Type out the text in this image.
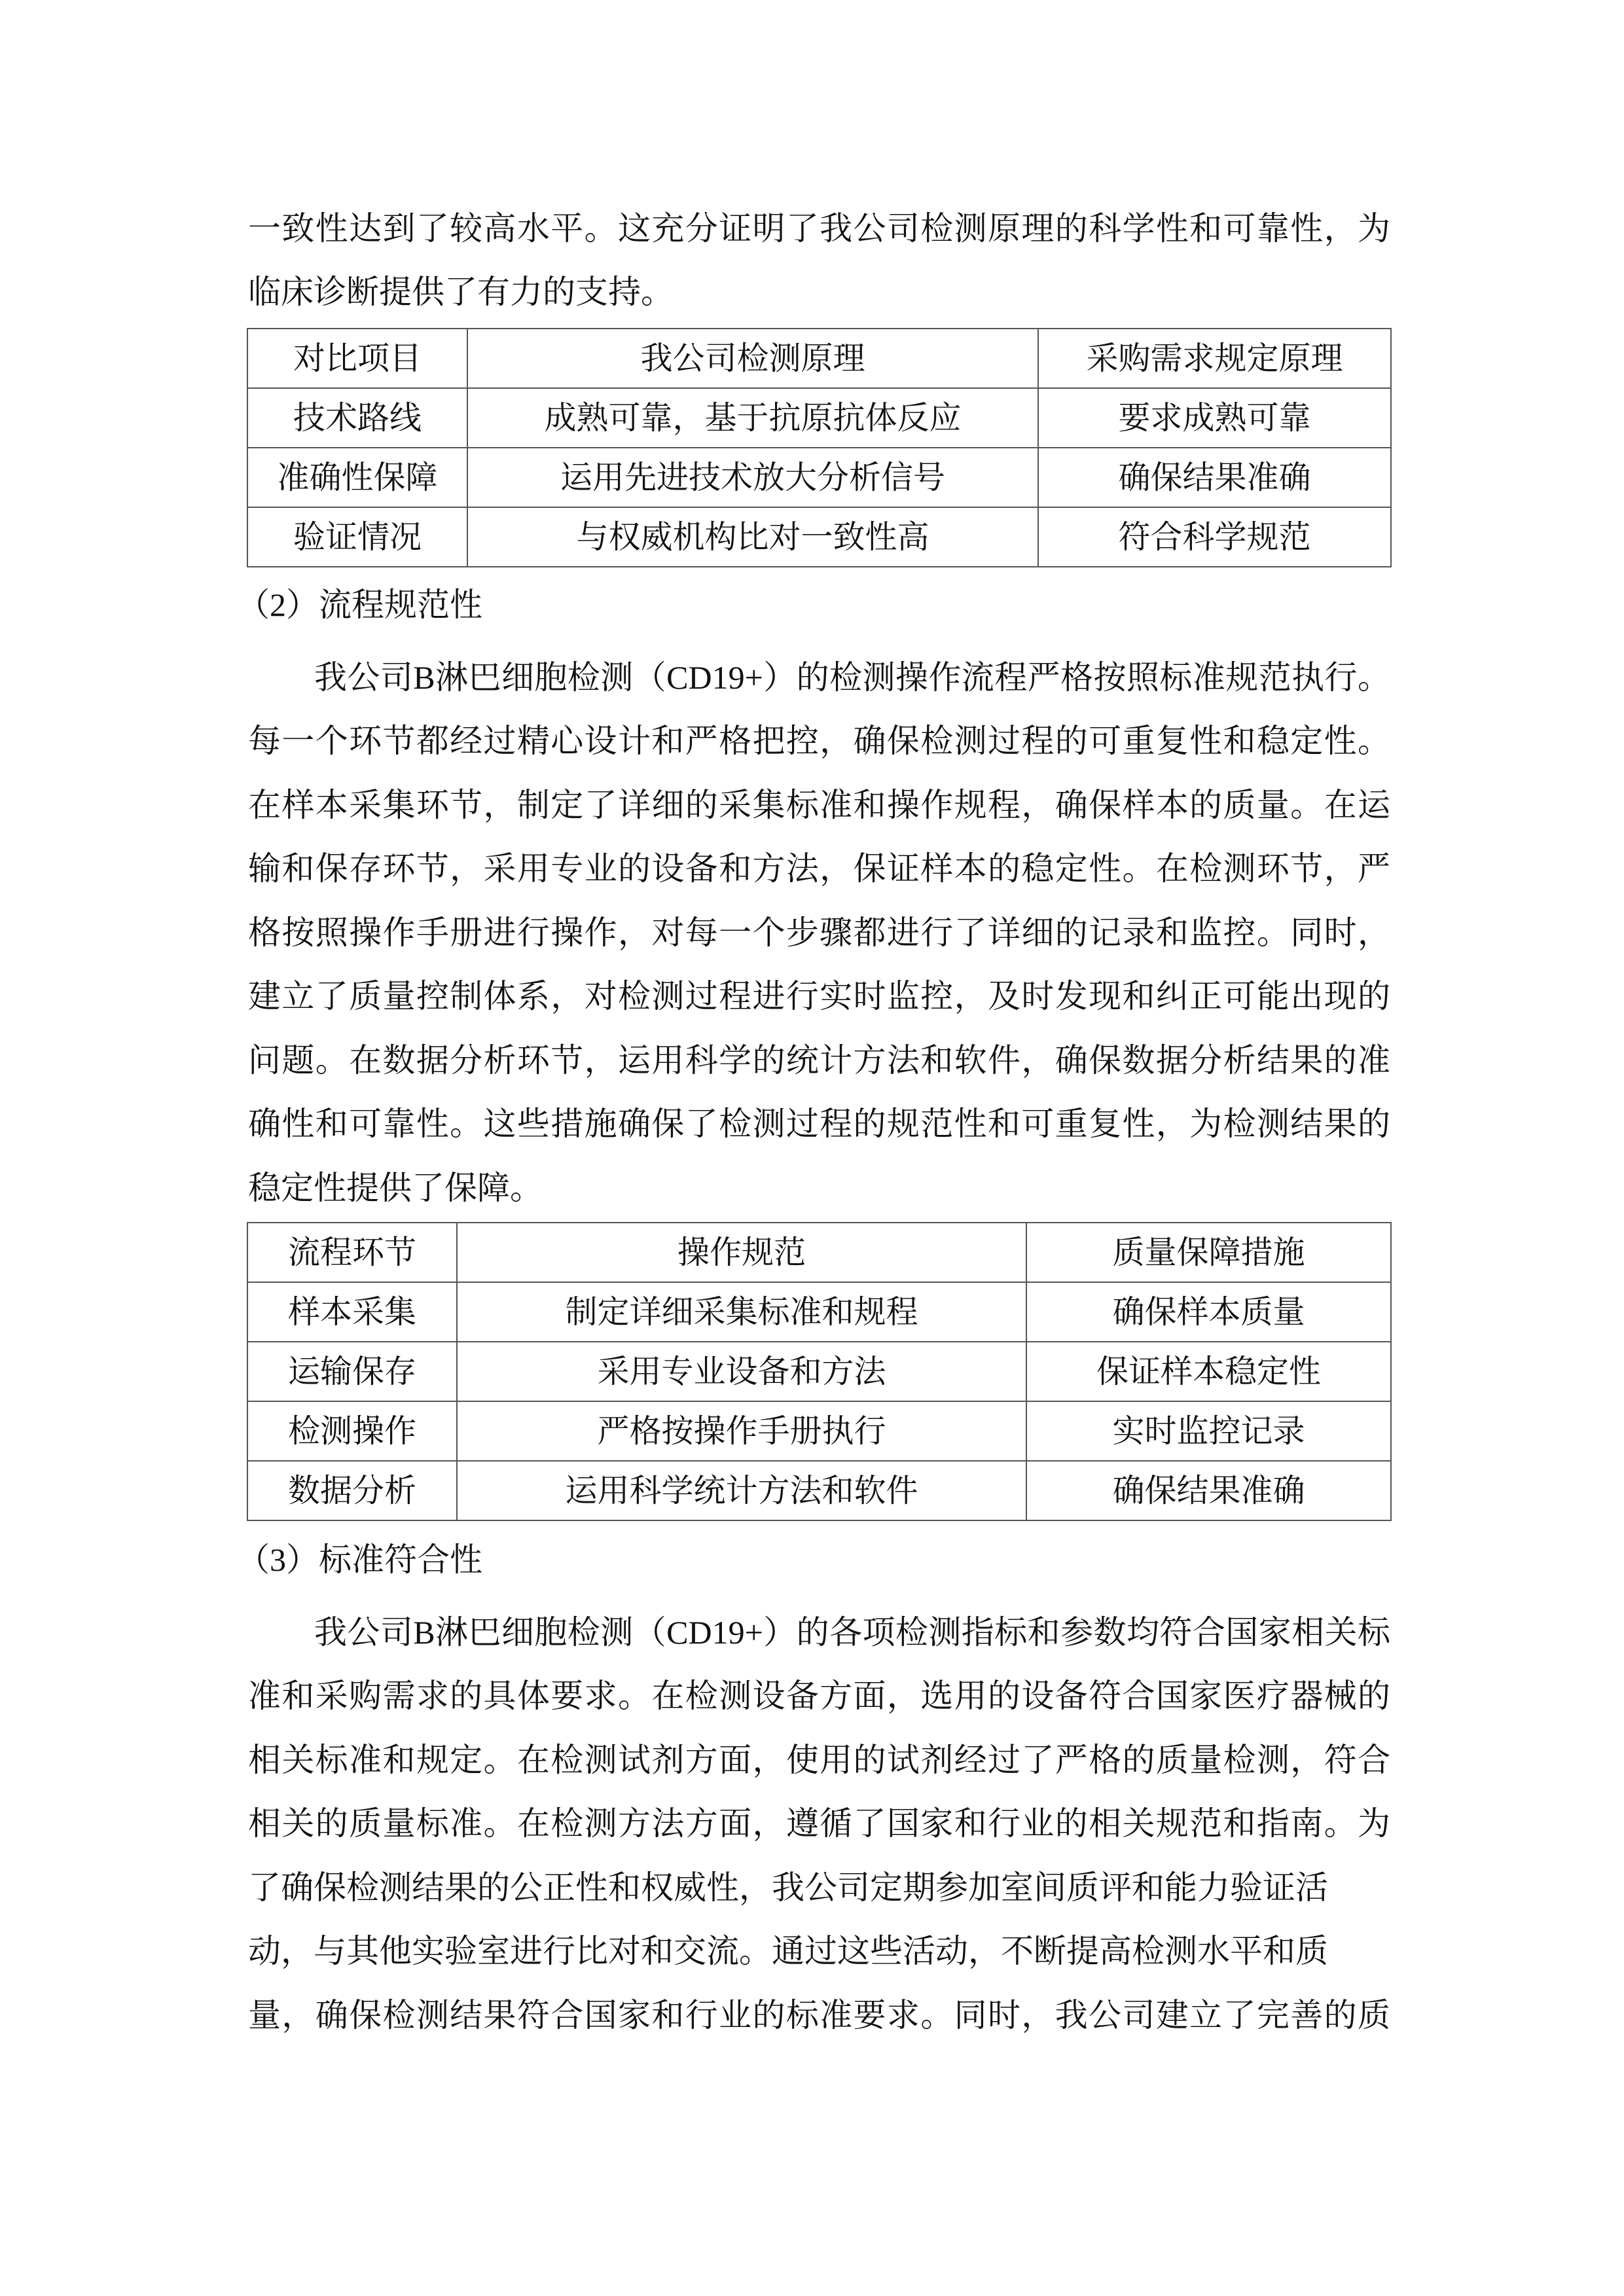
一致性达到了较高水平。这充分证明了我公司检测原理的科学性和可靠性，为
临床诊断提供了有力的支持。
对比项目	我公司检测原理	采购需求规定原理
技术路线	成熟可靠，基于抗原抗体反应	要求成熟可靠
准确性保障	运用先进技术放大分析信号	确保结果准确
验证情况	与权威机构比对一致性高	符合科学规范
（2）流程规范性
我公司B淋巴细胞检测（CD19+）的检测操作流程严格按照标准规范执行。
每一个环节都经过精心设计和严格把控，确保检测过程的可重复性和稳定性。
在样本采集环节，制定了详细的采集标准和操作规程，确保样本的质量。在运
输和保存环节，采用专业的设备和方法，保证样本的稳定性。在检测环节，严
格按照操作手册进行操作，对每一个步骤都进行了详细的记录和监控。同时，
建立了质量控制体系，对检测过程进行实时监控，及时发现和纠正可能出现的
问题。在数据分析环节，运用科学的统计方法和软件，确保数据分析结果的准
确性和可靠性。这些措施确保了检测过程的规范性和可重复性，为检测结果的
稳定性提供了保障。
流程环节	操作规范	质量保障措施
样本采集	制定详细采集标准和规程	确保样本质量
运输保存	采用专业设备和方法	保证样本稳定性
检测操作	严格按操作手册执行	实时监控记录
数据分析	运用科学统计方法和软件	确保结果准确
（3）标准符合性
我公司B淋巴细胞检测（CD19+）的各项检测指标和参数均符合国家相关标
准和采购需求的具体要求。在检测设备方面，选用的设备符合国家医疗器械的
相关标准和规定。在检测试剂方面，使用的试剂经过了严格的质量检测，符合
相关的质量标准。在检测方法方面，遵循了国家和行业的相关规范和指南。为
了确保检测结果的公正性和权威性，我公司定期参加室间质评和能力验证活
动，与其他实验室进行比对和交流。通过这些活动，不断提高检测水平和质
量，确保检测结果符合国家和行业的标准要求。同时，我公司建立了完善的质
